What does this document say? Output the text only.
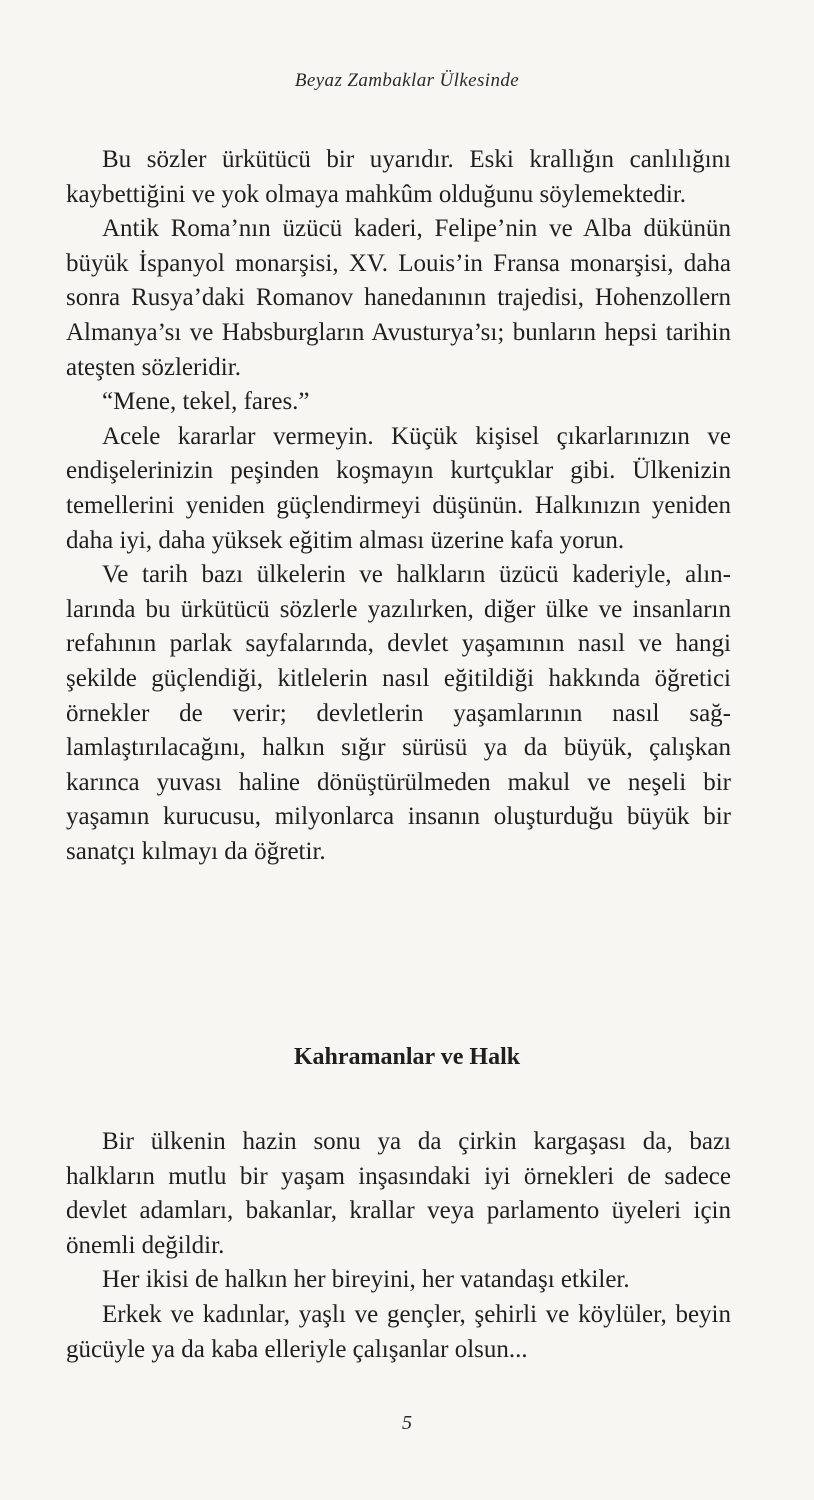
Beyaz Zambaklar Ülkesinde

Bu sözler ürkütücü bir uyarıdır. Eski krallığın canlılığını kaybettiğini ve yok olmaya mahkûm olduğunu söylemektedir.

Antik Roma’nın üzücü kaderi, Felipe’nin ve Alba dükünün büyük İspanyol monarşisi, XV. Louis’in Fransa monarşisi, daha sonra Rusya’daki Romanov hanedanının trajedisi, Hohenzollern Almanya’sı ve Habsburgların Avusturya’sı; bunların hepsi tarihin ateşten sözleridir.

“Mene, tekel, fares.”

Acele kararlar vermeyin. Küçük kişisel çıkarlarınızın ve endişelerinizin peşinden koşmayın kurtçuklar gibi. Ülkenizin temellerini yeniden güçlendirmeyi düşünün. Halkınızın yeniden daha iyi, daha yüksek eğitim alması üzerine kafa yorun.

Ve tarih bazı ülkelerin ve halkların üzücü kaderiyle, alınlarında bu ürkütücü sözlerle yazılırken, diğer ülke ve insanların refahının parlak sayfalarında, devlet yaşamının nasıl ve hangi şekilde güçlendiği, kitlelerin nasıl eğitildiği hakkında öğretici örnekler de verir; devletlerin yaşamlarının nasıl sağlamlaştırılacağını, halkın sığır sürüsü ya da büyük, çalışkan karınca yuvası haline dönüştürülmeden makul ve neşeli bir yaşamın kurucusu, milyonlarca insanın oluşturduğu büyük bir sanatçı kılmayı da öğretir.

Kahramanlar ve Halk

Bir ülkenin hazin sonu ya da çirkin kargaşası da, bazı halkların mutlu bir yaşam inşasındaki iyi örnekleri de sadece devlet adamları, bakanlar, krallar veya parlamento üyeleri için önemli değildir.

Her ikisi de halkın her bireyini, her vatandaşı etkiler.

Erkek ve kadınlar, yaşlı ve gençler, şehirli ve köylüler, beyin gücüyle ya da kaba elleriyle çalışanlar olsun...

5
